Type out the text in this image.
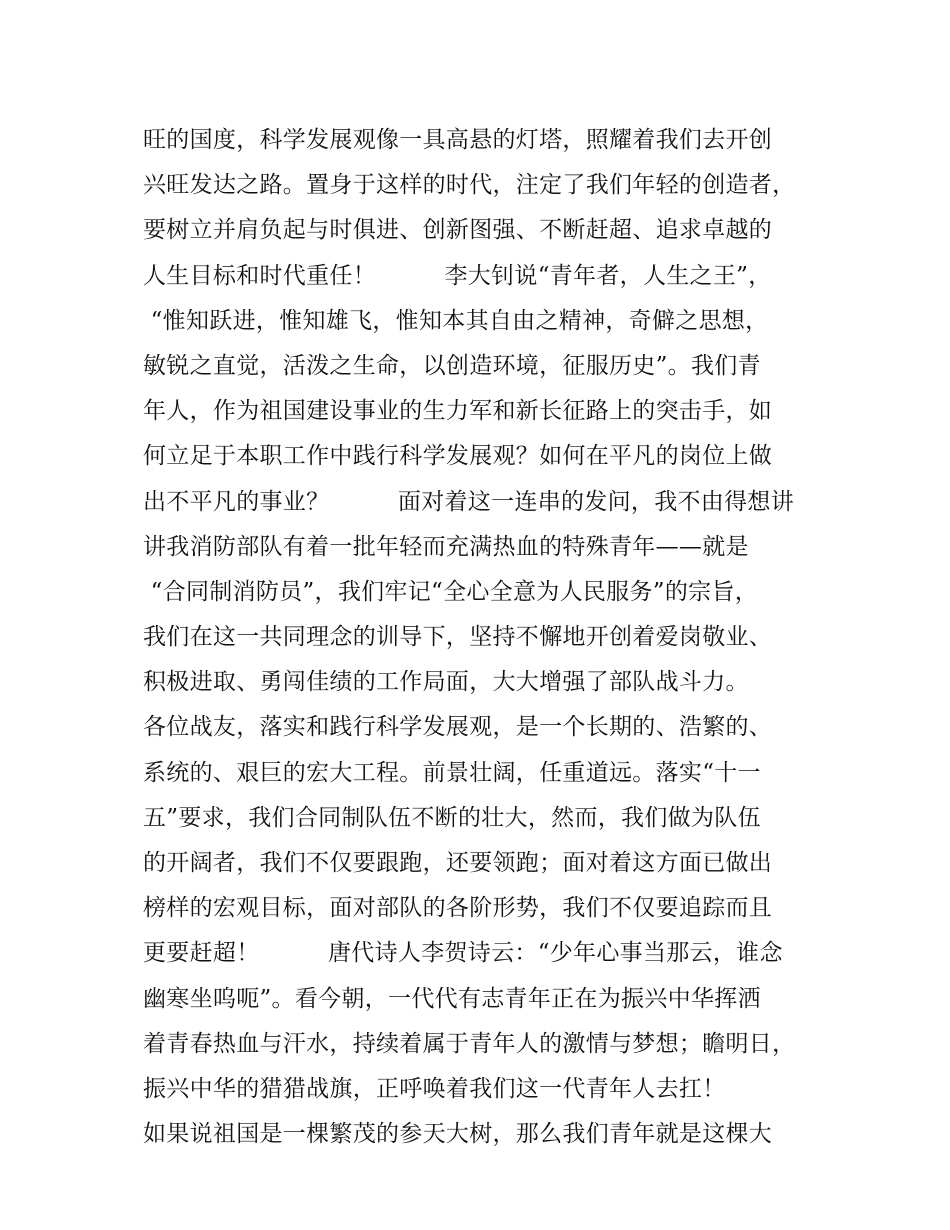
旺的国度，科学发展观像一具高悬的灯塔，照耀着我们去开创
兴旺发达之路。置身于这样的时代，注定了我们年轻的创造者，
要树立并肩负起与时俱进、创新图强、不断赶超、追求卓越的
人生目标和时代重任！         李大钊说“青年者，人生之王”，
“惟知跃进，惟知雄飞，惟知本其自由之精神，奇僻之思想，
敏锐之直觉，活泼之生命，以创造环境，征服历史”。我们青
年人，作为祖国建设事业的生力军和新长征路上的突击手，如
何立足于本职工作中践行科学发展观？如何在平凡的岗位上做
出不平凡的事业？         面对着这一连串的发问，我不由得想讲
讲我消防部队有着一批年轻而充满热血的特殊青年——就是
“合同制消防员”，我们牢记“全心全意为人民服务”的宗旨，
我们在这一共同理念的训导下，坚持不懈地开创着爱岗敬业、
积极进取、勇闯佳绩的工作局面，大大增强了部队战斗力。
各位战友，落实和践行科学发展观，是一个长期的、浩繁的、
系统的、艰巨的宏大工程。前景壮阔，任重道远。落实“十一
五”要求，我们合同制队伍不断的壮大，然而，我们做为队伍
的开阔者，我们不仅要跟跑，还要领跑；面对着这方面已做出
榜样的宏观目标，面对部队的各阶形势，我们不仅要追踪而且
更要赶超！         唐代诗人李贺诗云：“少年心事当那云，谁念
幽寒坐呜呃”。看今朝，一代代有志青年正在为振兴中华挥洒
着青春热血与汗水，持续着属于青年人的激情与梦想；瞻明日，
振兴中华的猎猎战旗，正呼唤着我们这一代青年人去扛！
如果说祖国是一棵繁茂的参天大树，那么我们青年就是这棵大
